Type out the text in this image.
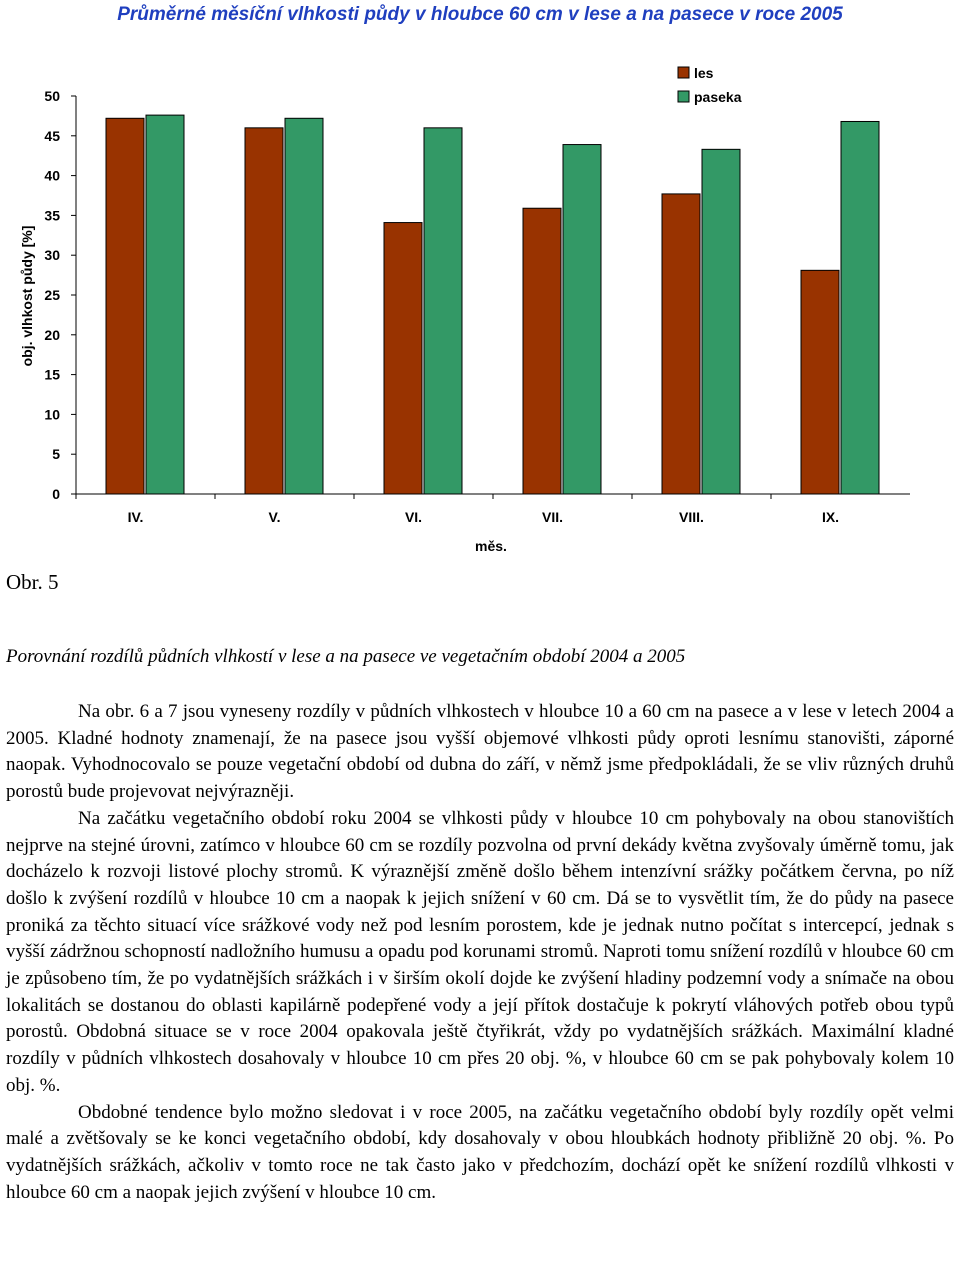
Průměrné měsíční vlhkosti půdy v hloubce 60 cm v lese a na pasece v roce 2005
0
5
10
15
20
25
30
35
40
45
50
IV.	V.	VI.	VII.	VIII.	IX.
obj. vlhkost půdy [%]
měs.
les
paseka
Obr. 5
Porovnání rozdílů půdních vlhkostí v lese a na pasece ve vegetačním období 2004 a 2005

Na obr. 6 a 7 jsou vyneseny rozdíly v půdních vlhkostech v hloubce 10 a 60 cm na pasece a v lese v letech 2004 a 2005. Kladné hodnoty znamenají, že na pasece jsou vyšší objemové vlhkosti půdy oproti lesnímu stanovišti, záporné naopak. Vyhodnocovalo se pouze vegetační období od dubna do září, v němž jsme předpokládali, že se vliv různých druhů porostů bude projevovat nejvýrazněji.

Na začátku vegetačního období roku 2004 se vlhkosti půdy v hloubce 10 cm pohybovaly na obou stanovištích nejprve na stejné úrovni, zatímco v hloubce 60 cm se rozdíly pozvolna od první dekády května zvyšovaly úměrně tomu, jak docházelo k rozvoji listové plochy stromů. K výraznější změně došlo během intenzívní srážky počátkem června, po níž došlo k zvýšení rozdílů v hloubce 10 cm a naopak k jejich snížení v 60 cm. Dá se to vysvětlit tím, že do půdy na pasece proniká za těchto situací více srážkové vody než pod lesním porostem, kde je jednak nutno počítat s intercepcí, jednak s vyšší zádržnou schopností nadložního humusu a opadu pod korunami stromů. Naproti tomu snížení rozdílů v hloubce 60 cm je způsobeno tím, že po vydatnějších srážkách i v širším okolí dojde ke zvýšení hladiny podzemní vody a snímače na obou lokalitách se dostanou do oblasti kapilárně podepřené vody a její přítok dostačuje k pokrytí vláhových potřeb obou typů porostů. Obdobná situace se v roce 2004 opakovala ještě čtyřikrát, vždy po vydatnějších srážkách. Maximální kladné rozdíly v půdních vlhkostech dosahovaly v hloubce 10 cm přes 20 obj. %, v hloubce 60 cm se pak pohybovaly kolem 10 obj. %.

Obdobné tendence bylo možno sledovat i v roce 2005, na začátku vegetačního období byly rozdíly opět velmi malé a zvětšovaly se ke konci vegetačního období, kdy dosahovaly v obou hloubkách hodnoty přibližně 20 obj. %. Po vydatnějších srážkách, ačkoliv v tomto roce ne tak často jako v předchozím, dochází opět ke snížení rozdílů vlhkosti v hloubce 60 cm a naopak jejich zvýšení v hloubce 10 cm.
